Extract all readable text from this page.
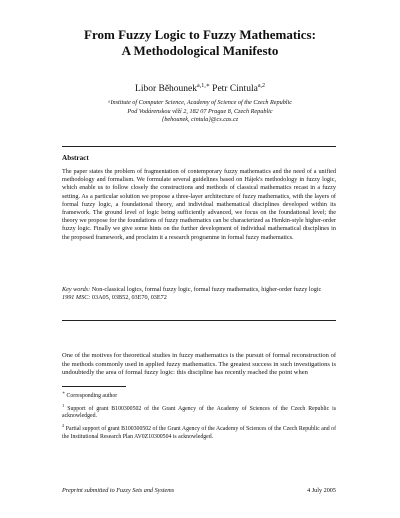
From Fuzzy Logic to Fuzzy Mathematics:
A Methodological Manifesto
Libor Běhounek$^{a,1,∗}$ Petr Cintula$^{a,2}$
ᵃInstitute of Computer Science, Academy of Science of the Czech Republic
Pod Vodárenskou věží 2, 182 07 Prague 8, Czech Republic
{behounek, cintula}@cs.cas.cz
Abstract
The paper states the problem of fragmentation of contemporary fuzzy mathematics and the need of a unified methodology and formalism. We formulate several guidelines based on Hájek's methodology in fuzzy logic, which enable us to follow closely the constructions and methods of classical mathematics recast in a fuzzy setting. As a particular solution we propose a three-layer architecture of fuzzy mathematics, with the layers of formal fuzzy logic, a foundational theory, and individual mathematical disciplines developed within its framework. The ground level of logic being sufficiently advanced, we focus on the foundational level; the theory we propose for the foundations of fuzzy mathematics can be characterized as Henkin-style higher-order fuzzy logic. Finally we give some hints on the further development of individual mathematical disciplines in the proposed framework, and proclaim it a research programme in formal fuzzy mathematics.
Key words: Non-classical logics, formal fuzzy logic, formal fuzzy mathematics, higher-order fuzzy logic
1991 MSC: 03A05, 03B52, 03E70, 03E72
One of the motives for theoretical studies in fuzzy mathematics is the pursuit of formal reconstruction of the methods commonly used in applied fuzzy mathematics. The greatest success in such investigations is undoubtedly the area of formal fuzzy logic: this discipline has recently reached the point when
∗ Corresponding author
$^1$ Support of grant B100300502 of the Grant Agency of the Academy of Sciences of the Czech Republic is acknowledged.
$^2$ Partial support of grant B100300502 of the Grant Agency of the Academy of Sciences of the Czech Republic and of the Institutional Research Plan AV0Z10300504 is acknowledged.
Preprint submitted to Fuzzy Sets and Systems	4 July 2005
